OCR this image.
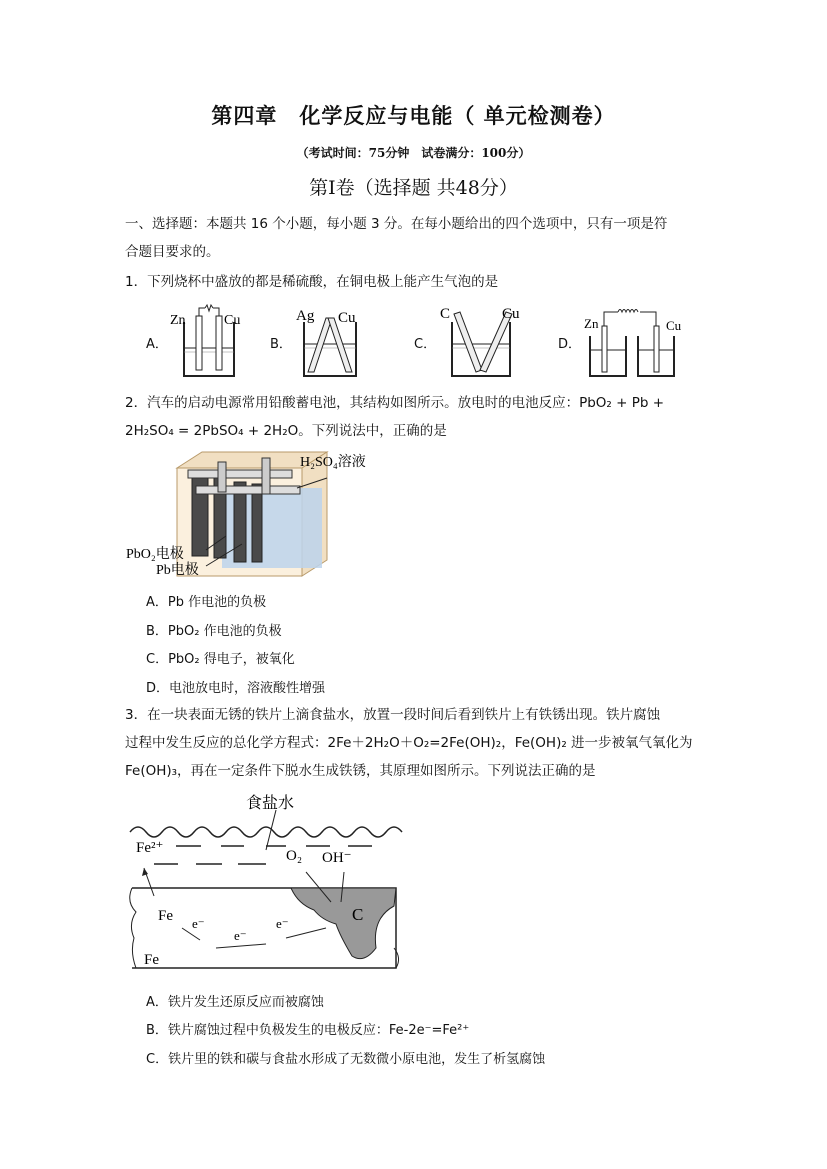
第四章　化学反应与电能（ 单元检测卷）
（考试时间：75分钟　试卷满分：100分）
第I卷（选择题 共48分）
一、选择题：本题共 16 个小题，每小题 3 分。在每小题给出的四个选项中，只有一项是符
合题目要求的。
1．下列烧杯中盛放的都是稀硫酸，在铜电极上能产生气泡的是
A．	B．	C．	D．
Zn	Cu	Ag Cu	C	Cu
Zn	Cu
2．汽车的启动电源常用铅酸蓄电池，其结构如图所示。放电时的电池反应：PbO₂ + Pb +
2H₂SO₄ = 2PbSO₄ + 2H₂O。下列说法中，正确的是
H₂SO₄溶液
PbO₂电极
Pb电极
A．Pb 作电池的负极
B．PbO₂ 作电池的负极
C．PbO₂ 得电子，被氧化
D．电池放电时，溶液酸性增强
3．在一块表面无锈的铁片上滴食盐水，放置一段时间后看到铁片上有铁锈出现。铁片腐蚀
过程中发生反应的总化学方程式：2Fe＋2H₂O＋O₂=2Fe(OH)₂，Fe(OH)₂ 进一步被氧气氧化为
Fe(OH)₃，再在一定条件下脱水生成铁锈，其原理如图所示。下列说法正确的是
食盐水
Fe²⁺	O₂ OH⁻
Fe
Fe
C
e⁻
e⁻
e⁻
A．铁片发生还原反应而被腐蚀
B．铁片腐蚀过程中负极发生的电极反应：Fe-2e⁻=Fe²⁺
C．铁片里的铁和碳与食盐水形成了无数微小原电池，发生了析氢腐蚀
